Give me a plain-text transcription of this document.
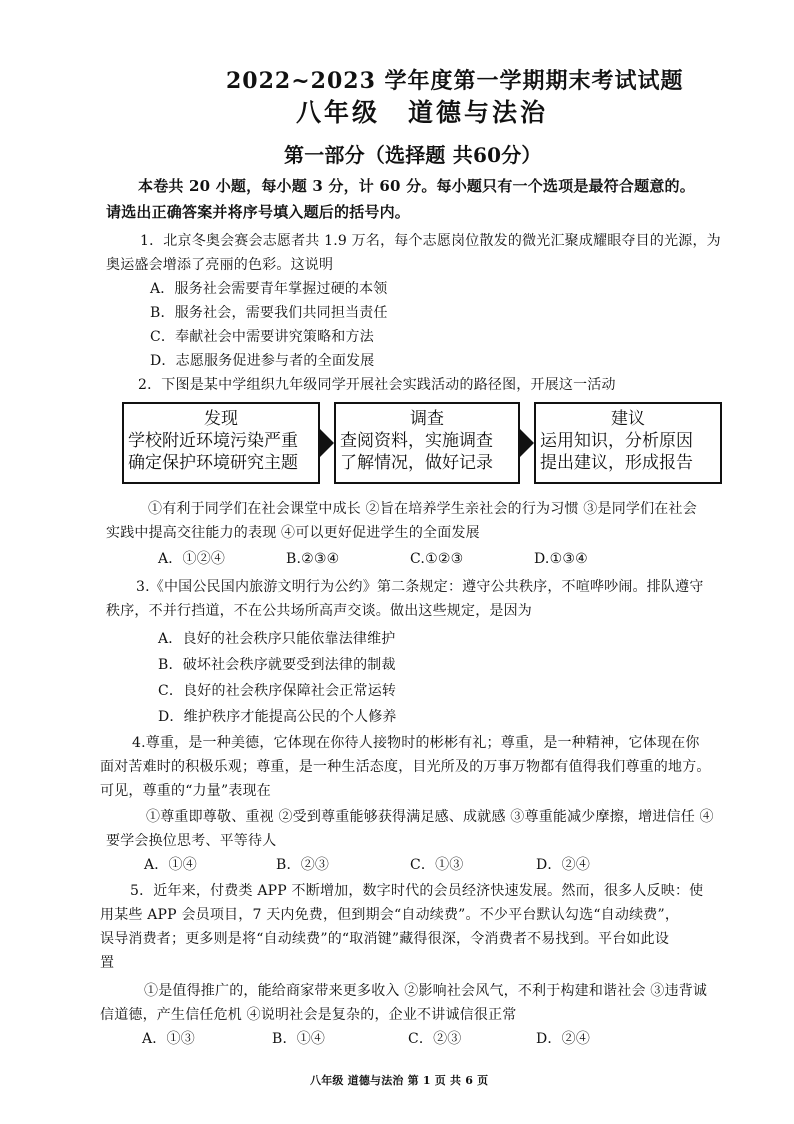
2022~2023 学年度第一学期期末考试试题
八年级　道德与法治
第一部分（选择题 共60分）
本卷共 20 小题，每小题 3 分，计 60 分。每小题只有一个选项是最符合题意的。
请选出正确答案并将序号填入题后的括号内。
1．北京冬奥会赛会志愿者共 1.9 万名，每个志愿岗位散发的微光汇聚成耀眼夺目的光源，为
奥运盛会增添了亮丽的色彩。这说明
A．服务社会需要青年掌握过硬的本领
B．服务社会，需要我们共同担当责任
C．奉献社会中需要讲究策略和方法
D．志愿服务促进参与者的全面发展
2．下图是某中学组织九年级同学开展社会实践活动的路径图，开展这一活动
发现
学校附近环境污染严重
确定保护环境研究主题
调查
查阅资料，实施调查
了解情况，做好记录
建议
运用知识，分析原因
提出建议，形成报告
①有利于同学们在社会课堂中成长 ②旨在培养学生亲社会的行为习惯 ③是同学们在社会
实践中提高交往能力的表现 ④可以更好促进学生的全面发展
A．①②④	B.②③④	C.①②③	D.①③④
3.《中国公民国内旅游文明行为公约》第二条规定：遵守公共秩序，不喧哗吵闹。排队遵守
秩序，不并行挡道，不在公共场所高声交谈。做出这些规定，是因为
A．良好的社会秩序只能依靠法律维护
B．破坏社会秩序就要受到法律的制裁
C．良好的社会秩序保障社会正常运转
D．维护秩序才能提高公民的个人修养
4.尊重，是一种美德，它体现在你待人接物时的彬彬有礼；尊重，是一种精神，它体现在你
面对苦难时的积极乐观；尊重，是一种生活态度，目光所及的万事万物都有值得我们尊重的地方。
可见，尊重的“力量”表现在
①尊重即尊敬、重视 ②受到尊重能够获得满足感、成就感 ③尊重能减少摩擦，增进信任 ④
要学会换位思考、平等待人
A．①④	B．②③	C．①③	D．②④
5．近年来，付费类 APP 不断增加，数字时代的会员经济快速发展。然而，很多人反映：使
用某些 APP 会员项目，7 天内免费，但到期会“自动续费”。不少平台默认勾选“自动续费”，
误导消费者；更多则是将“自动续费”的“取消键”藏得很深，令消费者不易找到。平台如此设
置
①是值得推广的，能给商家带来更多收入 ②影响社会风气，不利于构建和谐社会 ③违背诚
信道德，产生信任危机 ④说明社会是复杂的，企业不讲诚信很正常
A．①③	B．①④	C．②③	D．②④
八年级 道德与法治 第 1 页 共 6 页
